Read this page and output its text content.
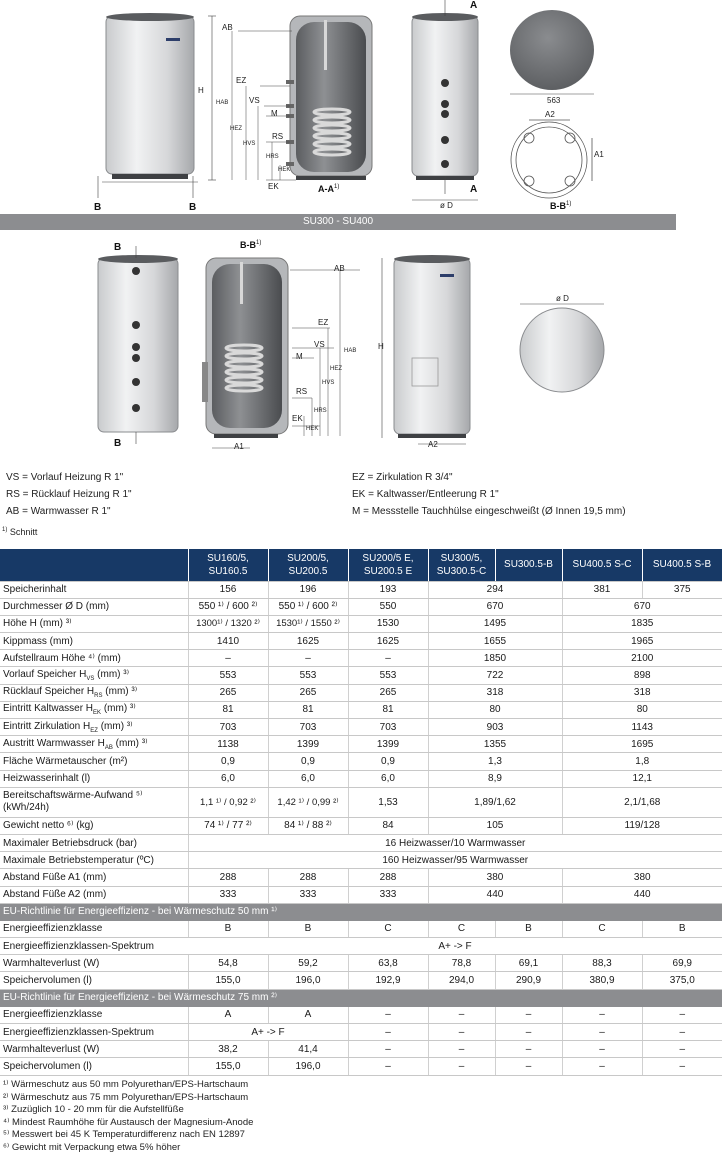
AB
H
HAB
EZ
VS
HEZ
M
HVS
RS
HRS
HEK
EK	$A-A^{1)}$
B	B
A
A
ø D
563
A2
A1
$B-B^{1)}$
SU300 - SU400
B
B
$B-B^{1)}$
AB
EZ
VS
M
RS
EK
HAB
HEZ
HVS
HRS
HEK
H
A1	A2
ø D
VS = Vorlauf Heizung R 1"
RS = Rücklauf Heizung R 1"
AB = Warmwasser R 1"
EZ = Zirkulation R 3/4"
EK = Kaltwasser/Entleerung R 1"
M = Messstelle Tauchhülse eingeschweißt (Ø Innen 19,5 mm)
$^{1)}$ Schnitt
	SU160/5, SU160.5	SU200/5, SU200.5	SU200/5 E, SU200.5 E	SU300/5, SU300.5-C	SU300.5-B	SU400.5 S-C	SU400.5 S-B
Speicherinhalt	156	196	193	294		381	375
Durchmesser Ø D (mm)	550 ¹⁾ / 600 ²⁾	550 ¹⁾ / 600 ²⁾	550	670		670	
Höhe H (mm) ³⁾	1300¹⁾ / 1320 ²⁾	1530¹⁾ / 1550 ²⁾	1530	1495		1835	
Kippmass (mm)	1410	1625	1625	1655		1965	
Aufstellraum Höhe ⁴⁾ (mm)	–	–	–	1850		2100	
Vorlauf Speicher $H_{VS}$ (mm) ³⁾	553	553	553	722		898	
Rücklauf Speicher $H_{RS}$ (mm) ³⁾	265	265	265	318		318	
Eintritt Kaltwasser $H_{EK}$ (mm) ³⁾	81	81	81	80		80	
Eintritt Zirkulation $H_{EZ}$ (mm) ³⁾	703	703	703	903		1143	
Austritt Warmwasser $H_{AB}$ (mm) ³⁾	1138	1399	1399	1355		1695	
Fläche Wärmetauscher (m²)	0,9	0,9	0,9	1,3		1,8	
Heizwasserinhalt (l)	6,0	6,0	6,0	8,9		12,1	
Bereitschaftswärme-Aufwand ⁵⁾
(kWh/24h)	1,1 ¹⁾ / 0,92 ²⁾	1,42 ¹⁾ / 0,99 ²⁾	1,53	1,89/1,62		2,1/1,68	
Gewicht netto ⁶⁾ (kg)	74 ¹⁾ / 77 ²⁾	84 ¹⁾ / 88 ²⁾	84	105		119/128	
Maximaler Betriebsdruck (bar)	16 Heizwasser/10 Warmwasser						
Maximale Betriebstemperatur (ºC)	160 Heizwasser/95 Warmwasser						
Abstand Füße A1 (mm)	288	288	288	380		380	
Abstand Füße A2 (mm)	333	333	333	440		440	
EU-Richtlinie für Energieeffizienz - bei Wärmeschutz 50 mm ¹⁾							
Energieeffizienzklasse	B	B	C	C	B	C	B
Energieeffizienzklassen-Spektrum	A+ -> F						
Warmhalteverlust (W)	54,8	59,2	63,8	78,8	69,1	88,3	69,9
Speichervolumen (l)	155,0	196,0	192,9	294,0	290,9	380,9	375,0
EU-Richtlinie für Energieeffizienz - bei Wärmeschutz 75 mm ²⁾							
Energieeffizienzklasse	A	A	–	–	–	–	–
Energieeffizienzklassen-Spektrum	A+ -> F		–	–	–	–	–
Warmhalteverlust (W)	38,2	41,4	–	–	–	–	–
Speichervolumen (l)	155,0	196,0	–	–	–	–	–
¹⁾ Wärmeschutz aus 50 mm Polyurethan/EPS-Hartschaum
²⁾ Wärmeschutz aus 75 mm Polyurethan/EPS-Hartschaum
³⁾ Zuzüglich 10 - 20 mm für die Aufstellfüße
⁴⁾ Mindest Raumhöhe für Austausch der Magnesium-Anode
⁵⁾ Messwert bei 45 K Temperaturdifferenz nach EN 12897
⁶⁾ Gewicht mit Verpackung etwa 5% höher
